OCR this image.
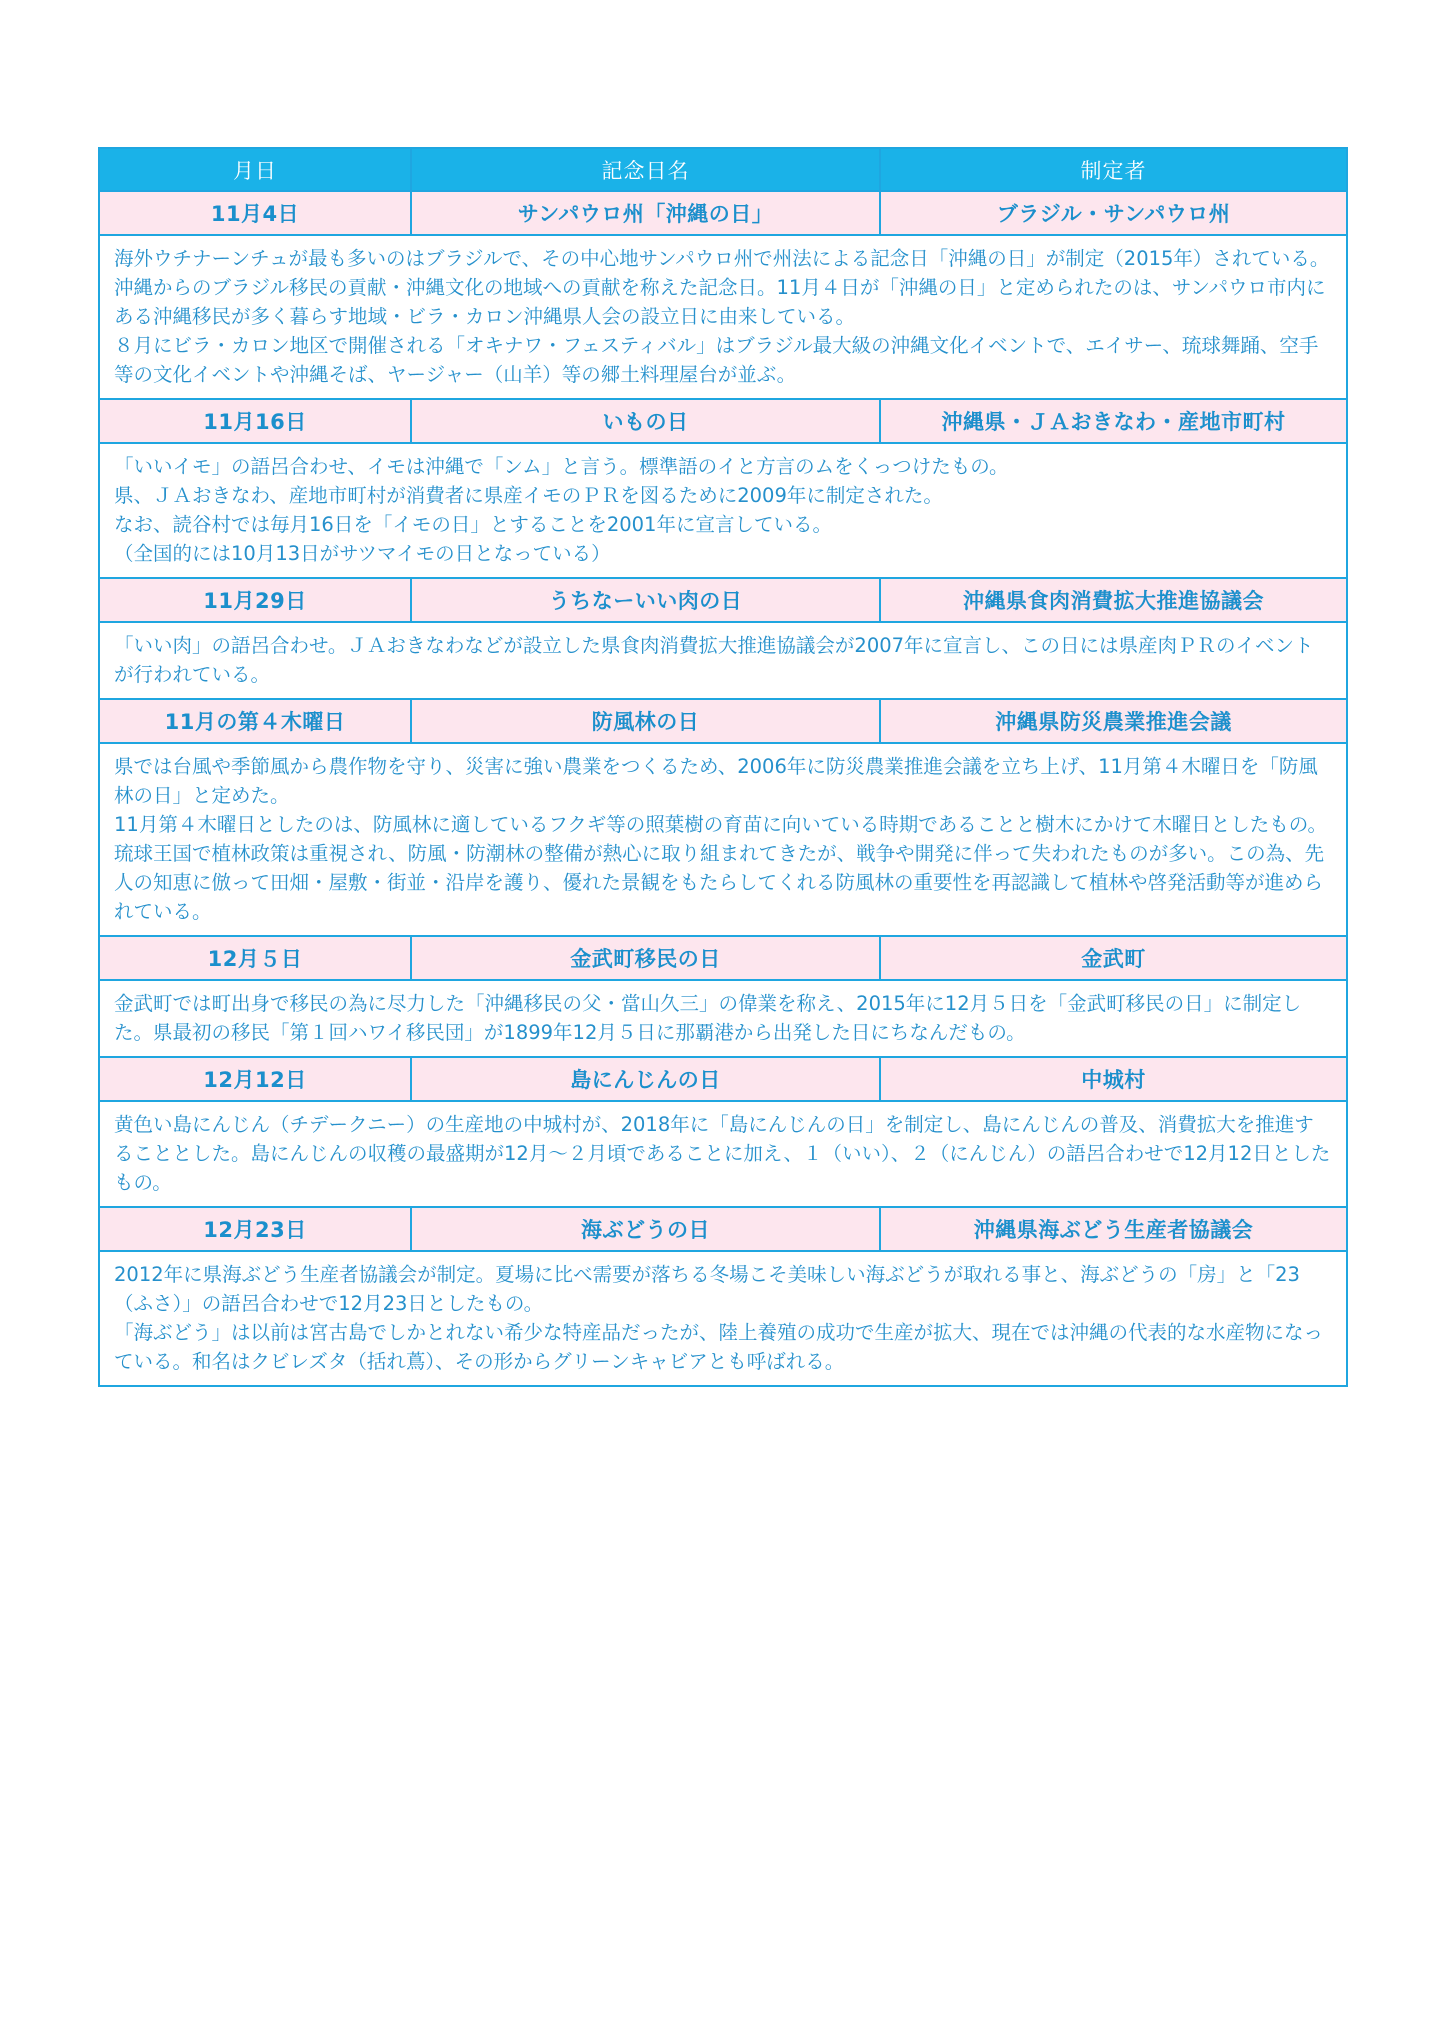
月日	記念日名	制定者
11月4日	サンパウロ州「沖縄の日」	ブラジル・サンパウロ州

海外ウチナーンチュが最も多いのはブラジルで、その中心地サンパウロ州で州法による記念日「沖縄の日」が制定（2015年）されている。沖縄からのブラジル移民の貢献・沖縄文化の地域への貢献を称えた記念日。11月４日が「沖縄の日」と定められたのは、サンパウロ市内にある沖縄移民が多く暮らす地域・ビラ・カロン沖縄県人会の設立日に由来している。
８月にビラ・カロン地区で開催される「オキナワ・フェスティバル」はブラジル最大級の沖縄文化イベントで、エイサー、琉球舞踊、空手等の文化イベントや沖縄そば、ヤージャー（山羊）等の郷土料理屋台が並ぶ。		

11月16日	いもの日	沖縄県・ＪＡおきなわ・産地市町村

「いいイモ」の語呂合わせ、イモは沖縄で「ンム」と言う。標準語のイと方言のムをくっつけたもの。
県、ＪＡおきなわ、産地市町村が消費者に県産イモのＰＲを図るために2009年に制定された。
なお、読谷村では毎月16日を「イモの日」とすることを2001年に宣言している。
（全国的には10月13日がサツマイモの日となっている）		

11月29日	うちなーいい肉の日	沖縄県食肉消費拡大推進協議会

「いい肉」の語呂合わせ。ＪＡおきなわなどが設立した県食肉消費拡大推進協議会が2007年に宣言し、この日には県産肉ＰＲのイベントが行われている。		

11月の第４木曜日	防風林の日	沖縄県防災農業推進会議

県では台風や季節風から農作物を守り、災害に強い農業をつくるため、2006年に防災農業推進会議を立ち上げ、11月第４木曜日を「防風林の日」と定めた。
11月第４木曜日としたのは、防風林に適しているフクギ等の照葉樹の育苗に向いている時期であることと樹木にかけて木曜日としたもの。
琉球王国で植林政策は重視され、防風・防潮林の整備が熱心に取り組まれてきたが、戦争や開発に伴って失われたものが多い。この為、先人の知恵に倣って田畑・屋敷・街並・沿岸を護り、優れた景観をもたらしてくれる防風林の重要性を再認識して植林や啓発活動等が進められている。		

12月５日	金武町移民の日	金武町

金武町では町出身で移民の為に尽力した「沖縄移民の父・當山久三」の偉業を称え、2015年に12月５日を「金武町移民の日」に制定した。県最初の移民「第１回ハワイ移民団」が1899年12月５日に那覇港から出発した日にちなんだもの。		

12月12日	島にんじんの日	中城村

黄色い島にんじん（チデークニー）の生産地の中城村が、2018年に「島にんじんの日」を制定し、島にんじんの普及、消費拡大を推進することとした。島にんじんの収穫の最盛期が12月〜２月頃であることに加え、１（いい）、２（にんじん）の語呂合わせで12月12日としたもの。		

12月23日	海ぶどうの日	沖縄県海ぶどう生産者協議会

2012年に県海ぶどう生産者協議会が制定。夏場に比べ需要が落ちる冬場こそ美味しい海ぶどうが取れる事と、海ぶどうの「房」と「23（ふさ）」の語呂合わせで12月23日としたもの。
「海ぶどう」は以前は宮古島でしかとれない希少な特産品だったが、陸上養殖の成功で生産が拡大、現在では沖縄の代表的な水産物になっている。和名はクビレズタ（括れ蔦）、その形からグリーンキャビアとも呼ばれる。		
